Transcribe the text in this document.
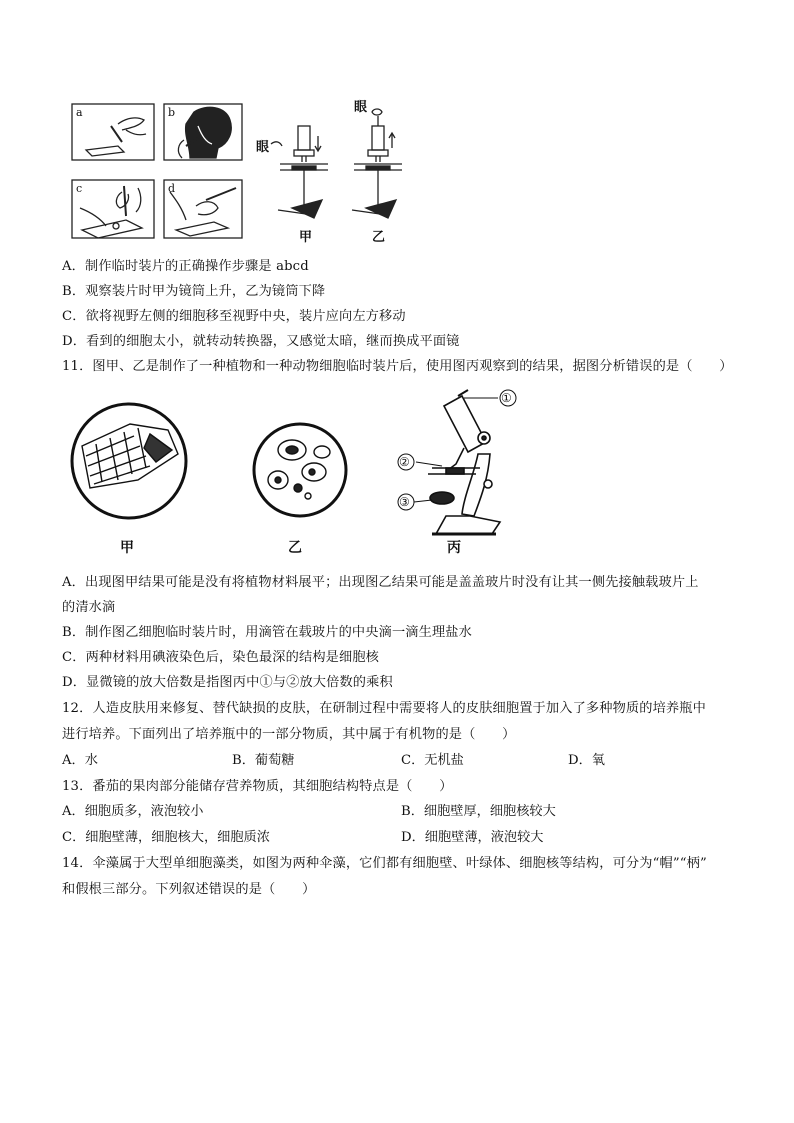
a	b
c	d
眼
眼
甲	乙
A．制作临时装片的正确操作步骤是 abcd
B．观察装片时甲为镜筒上升，乙为镜筒下降
C．欲将视野左侧的细胞移至视野中央，装片应向左方移动
D．看到的细胞太小，就转动转换器，又感觉太暗，继而换成平面镜
11．图甲、乙是制作了一种植物和一种动物细胞临时装片后，使用图丙观察到的结果，据图分析错误的是（　　）
①
②
③
甲	乙	丙
A．出现图甲结果可能是没有将植物材料展平；出现图乙结果可能是盖盖玻片时没有让其一侧先接触载玻片上
的清水滴
B．制作图乙细胞临时装片时，用滴管在载玻片的中央滴一滴生理盐水
C．两种材料用碘液染色后，染色最深的结构是细胞核
D．显微镜的放大倍数是指图丙中①与②放大倍数的乘积
12．人造皮肤用来修复、替代缺损的皮肤，在研制过程中需要将人的皮肤细胞置于加入了多种物质的培养瓶中
进行培养。下面列出了培养瓶中的一部分物质，其中属于有机物的是（　　）
A．水	B．葡萄糖	C．无机盐	D．氧
13．番茄的果肉部分能储存营养物质，其细胞结构特点是（　　）
A．细胞质多，液泡较小	B．细胞壁厚，细胞核较大
C．细胞壁薄，细胞核大，细胞质浓	D．细胞壁薄，液泡较大
14．伞藻属于大型单细胞藻类，如图为两种伞藻，它们都有细胞壁、叶绿体、细胞核等结构，可分为“帽”“柄”
和假根三部分。下列叙述错误的是（　　）
